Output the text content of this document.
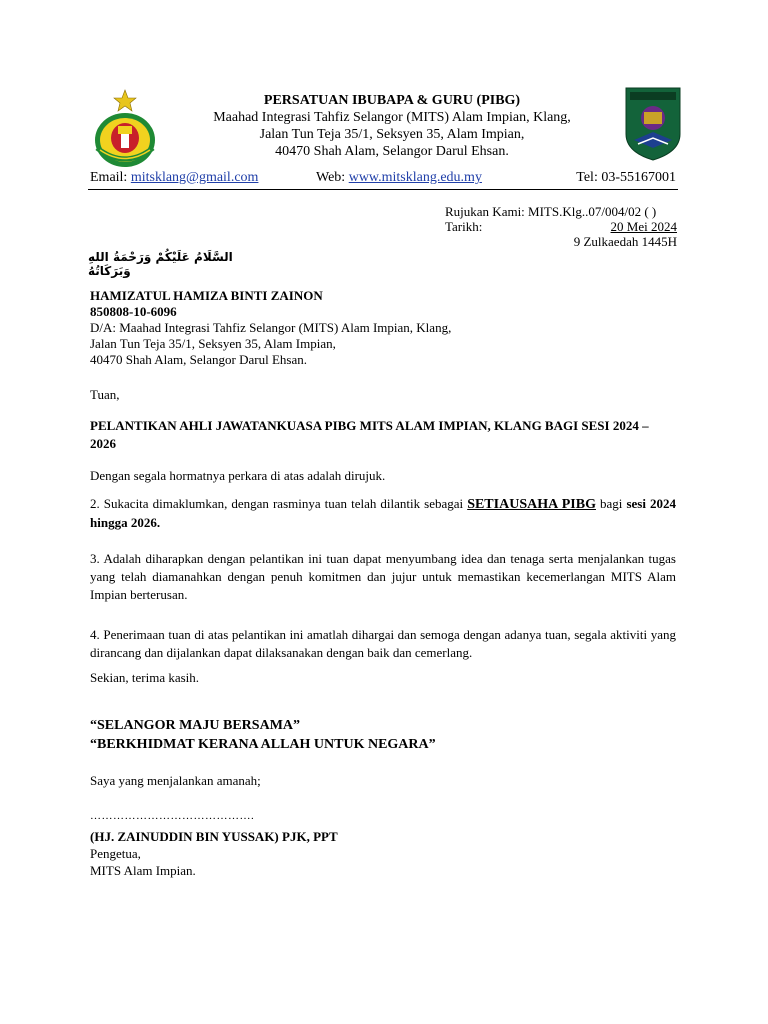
PERSATUAN IBUBAPA & GURU (PIBG)
Maahad Integrasi Tahfiz Selangor (MITS) Alam Impian, Klang,
Jalan Tun Teja 35/1, Seksyen 35, Alam Impian,
40470 Shah Alam, Selangor Darul Ehsan.
Email: mitsklang@gmail.com	Web: www.mitsklang.edu.my	Tel: 03-55167001
Rujukan Kami: MITS.Klg..07/004/02 ( )
Tarikh:	20 Mei 2024
9 Zulkaedah 1445H
السَّلَامُ عَلَيْكُمْ وَرَحْمَةُ اللهِ وَبَرَكَاتُهُ
HAMIZATUL HAMIZA BINTI ZAINON
850808-10-6096
D/A: Maahad Integrasi Tahfiz Selangor (MITS) Alam Impian, Klang,
Jalan Tun Teja 35/1, Seksyen 35, Alam Impian,
40470 Shah Alam, Selangor Darul Ehsan.
Tuan,
PELANTIKAN AHLI JAWATANKUASA PIBG MITS ALAM IMPIAN, KLANG BAGI SESI 2024 – 2026
Dengan segala hormatnya perkara di atas adalah dirujuk.
2. Sukacita dimaklumkan, dengan rasminya tuan telah dilantik sebagai SETIAUSAHA PIBG bagi sesi 2024 hingga 2026.
3. Adalah diharapkan dengan pelantikan ini tuan dapat menyumbang idea dan tenaga serta menjalankan tugas yang telah diamanahkan dengan penuh komitmen dan jujur untuk memastikan kecemerlangan MITS Alam Impian berterusan.
4. Penerimaan tuan di atas pelantikan ini amatlah dihargai dan semoga dengan adanya tuan, segala aktiviti yang dirancang dan dijalankan dapat dilaksanakan dengan baik dan cemerlang.
Sekian, terima kasih.
“SELANGOR MAJU BERSAMA”
“BERKHIDMAT KERANA ALLAH UNTUK NEGARA”
Saya yang menjalankan amanah;
…………………………………….
(HJ. ZAINUDDIN BIN YUSSAK) PJK, PPT
Pengetua,
MITS Alam Impian.
